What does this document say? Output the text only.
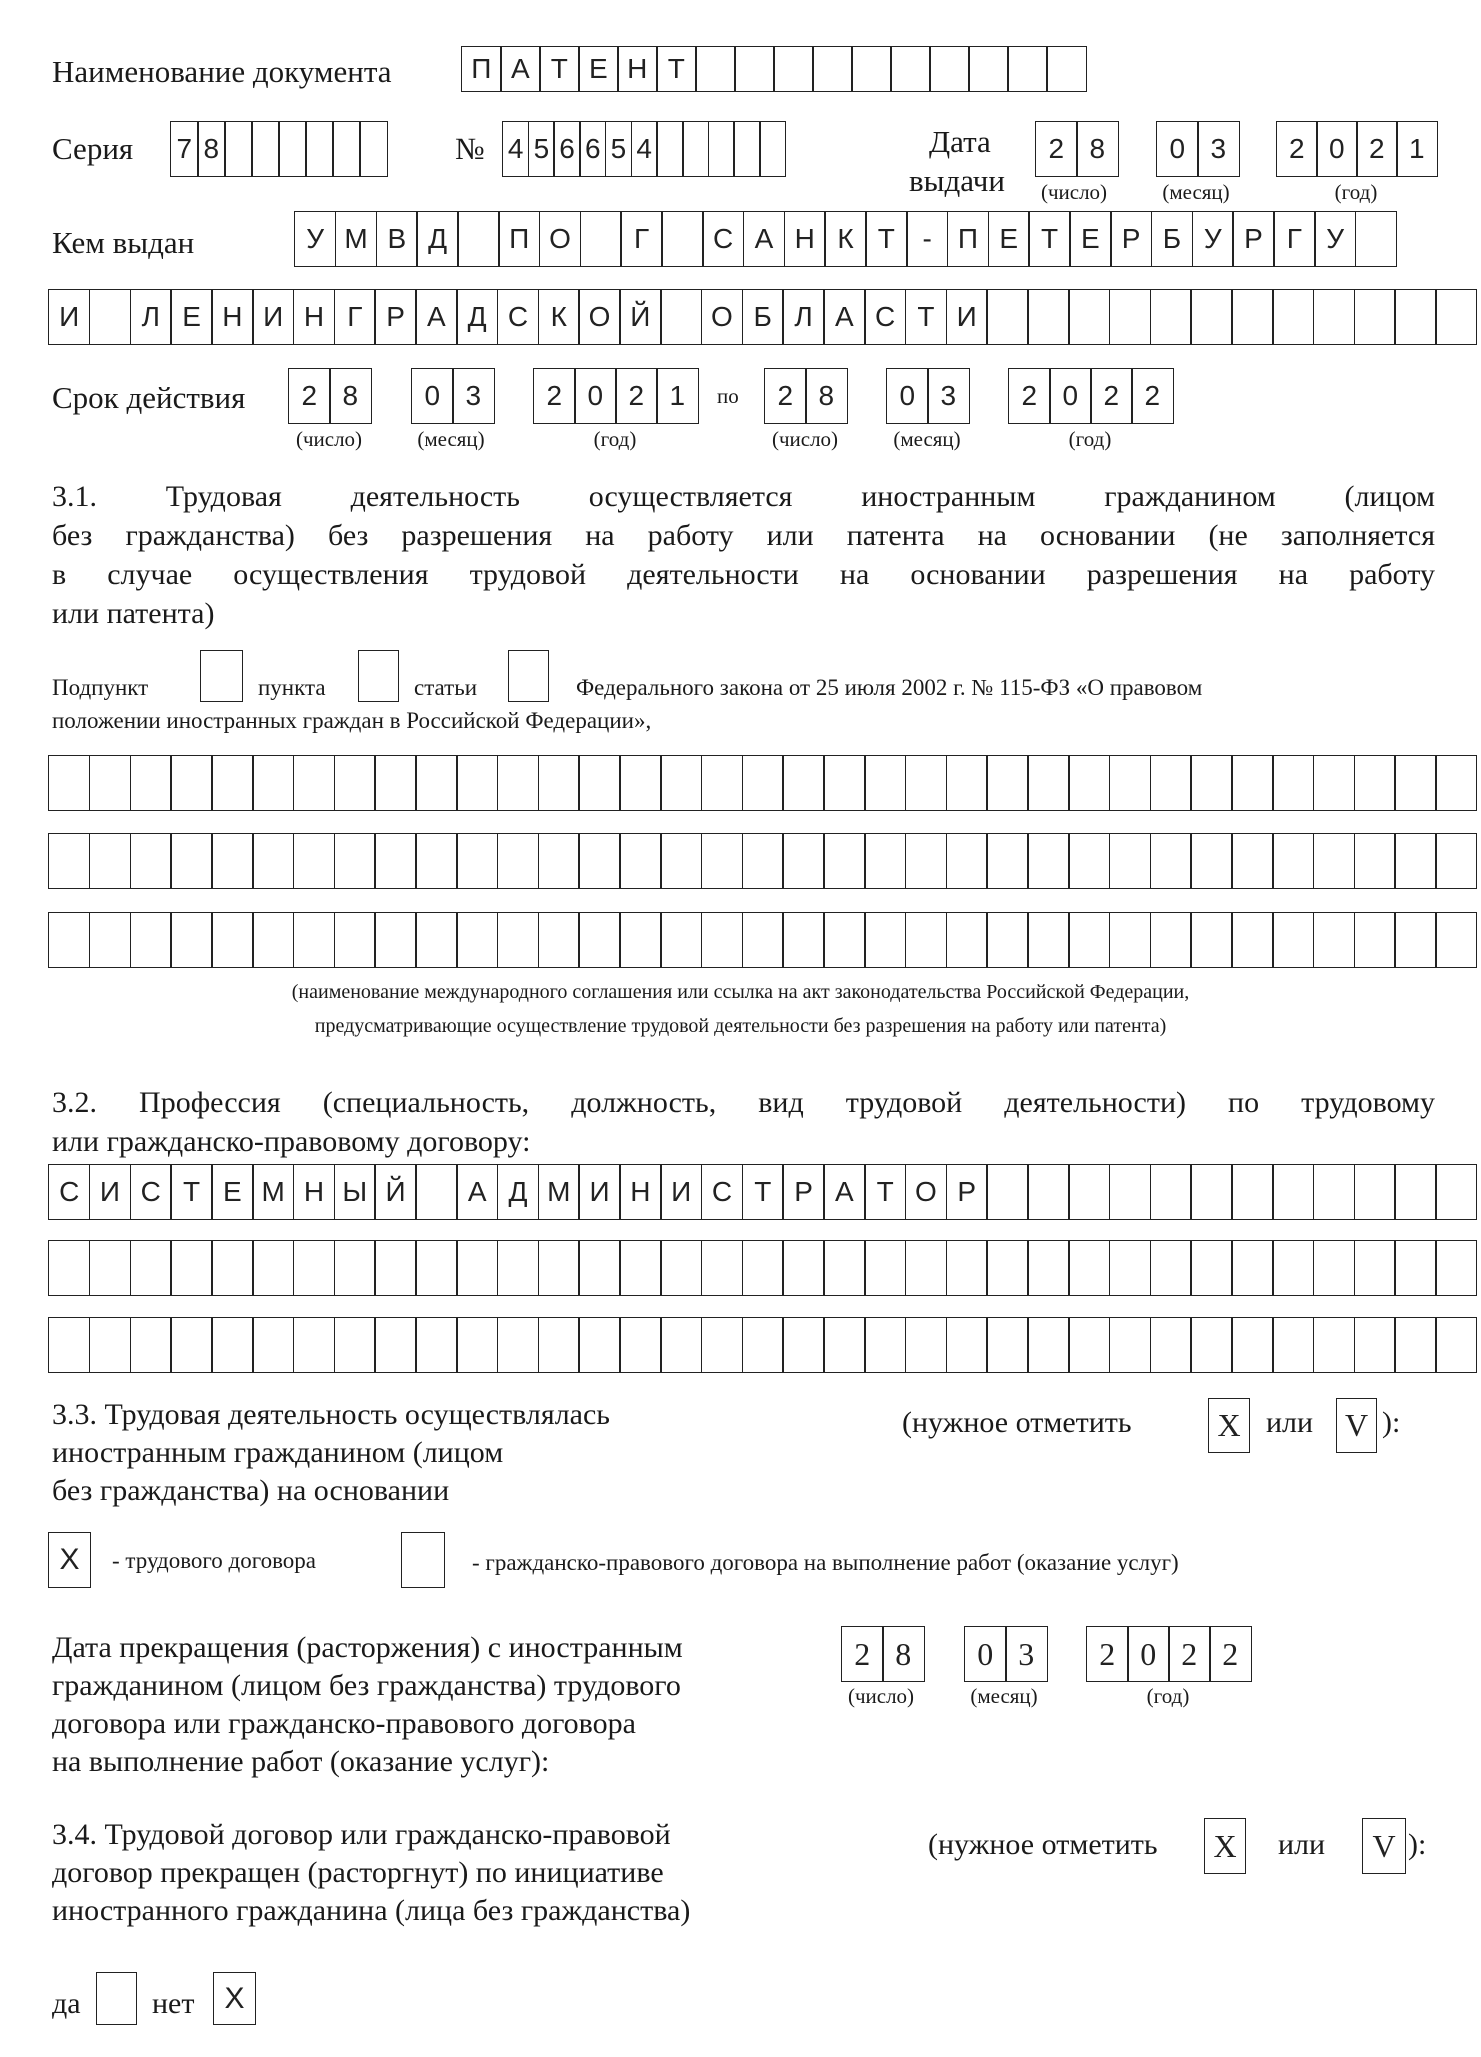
Наименование документа	П А Т Е Н Т
Серия 7 8	№ 4 5 6 6 5 4	Дата
выдачи
2 8	0 3	2 0 2 1
(число)	(месяц)	(год)
Кем выдан	У М В Д	П О	Г	С А Н К Т - П Е Т Е Р Б У Р Г У
И	Л Е Н И Н Г Р А Д С К О Й	О Б Л А С Т И
Срок действия	2 8	0 3	2 0 2 1	по	2 8	0 3	2 0 2 2
(число)	(месяц)	(год)	(число)	(месяц)	(год)
3.1. Трудовая деятельность осуществляется иностранным гражданином (лицом
без гражданства) без разрешения на работу или патента на основании (не заполняется
в случае осуществления трудовой деятельности на основании разрешения на работу
или патента)
Подпункт	пункта	статьи	Федерального закона от 25 июля 2002 г. № 115-ФЗ «О правовом
положении иностранных граждан в Российской Федерации»,
(наименование международного соглашения или ссылка на акт законодательства Российской Федерации,
предусматривающие осуществление трудовой деятельности без разрешения на работу или патента)
3.2. Профессия (специальность, должность, вид трудовой деятельности) по трудовому
или гражданско-правовому договору:
С И С Т Е М Н Ы Й	А Д М И Н И С Т Р А Т О Р
3.3. Трудовая деятельность осуществлялась
иностранным гражданином (лицом
без гражданства) на основании
(нужное отметить	X или V ):
X	- трудового договора	- гражданско-правового договора на выполнение работ (оказание услуг)
Дата прекращения (расторжения) с иностранным
гражданином (лицом без гражданства) трудового
договора или гражданско-правового договора
на выполнение работ (оказание услуг):
2 8	0 3	2 0 2 2
(число)	(месяц)	(год)
3.4. Трудовой договор или гражданско-правовой
договор прекращен (расторгнут) по инициативе
иностранного гражданина (лица без гражданства)
(нужное отметить X	или	V ):
да нет	X
